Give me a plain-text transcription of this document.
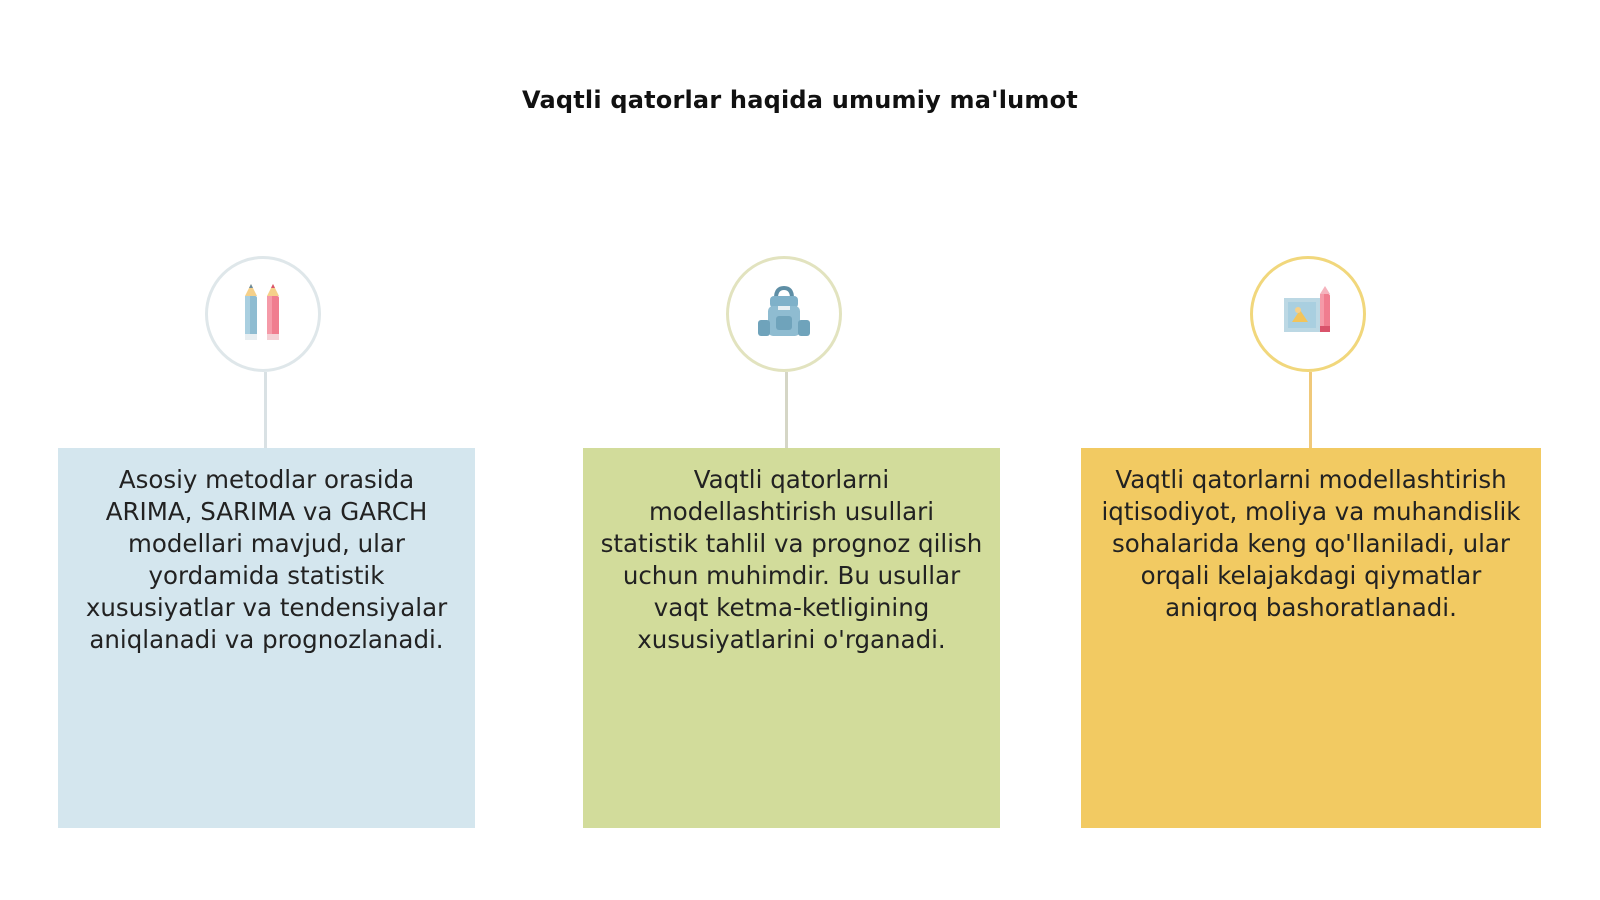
Vaqtli qatorlar haqida umumiy ma'lumot
Asosiy metodlar orasida ARIMA, SARIMA va GARCH modellari mavjud, ular yordamida statistik xususiyatlar va tendensiyalar aniqlanadi va prognozlanadi.
Vaqtli qatorlarni modellashtirish usullari statistik tahlil va prognoz qilish uchun muhimdir. Bu usullar vaqt ketma-ketligining xususiyatlarini o'rganadi.
Vaqtli qatorlarni modellashtirish iqtisodiyot, moliya va muhandislik sohalarida keng qo'llaniladi, ular orqali kelajakdagi qiymatlar aniqroq bashoratlanadi.
